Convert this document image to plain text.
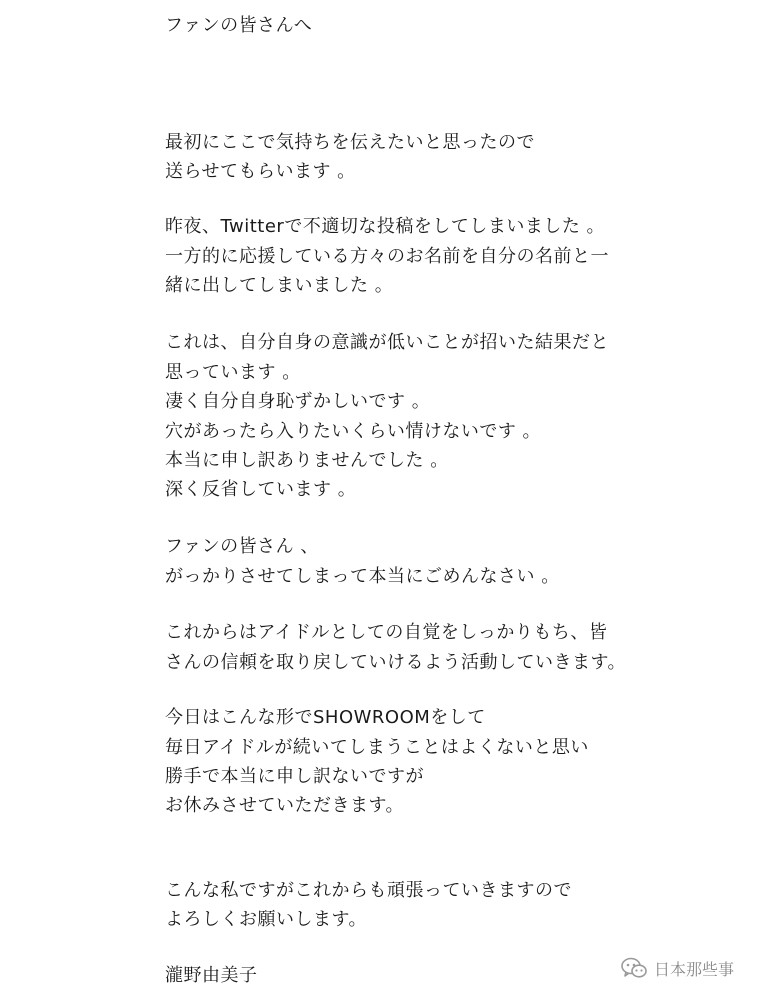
ファンの皆さんへ
最初にここで気持ちを伝えたいと思ったので
送らせてもらいます 。
昨夜、Twitterで不適切な投稿をしてしまいました 。
一方的に応援している方々のお名前を自分の名前と一
緒に出してしまいました 。
これは、自分自身の意識が低いことが招いた結果だと
思っています 。
凄く自分自身恥ずかしいです 。
穴があったら入りたいくらい情けないです 。
本当に申し訳ありませんでした 。
深く反省しています 。
ファンの皆さん 、
がっかりさせてしまって本当にごめんなさい 。
これからはアイドルとしての自覚をしっかりもち、皆
さんの信頼を取り戻していけるよう活動していきます。
今日はこんな形でSHOWROOMをして
毎日アイドルが続いてしまうことはよくないと思い
勝手で本当に申し訳ないですが
お休みさせていただきます。
こんな私ですがこれからも頑張っていきますので
よろしくお願いします。
瀧野由美子	日本那些事
